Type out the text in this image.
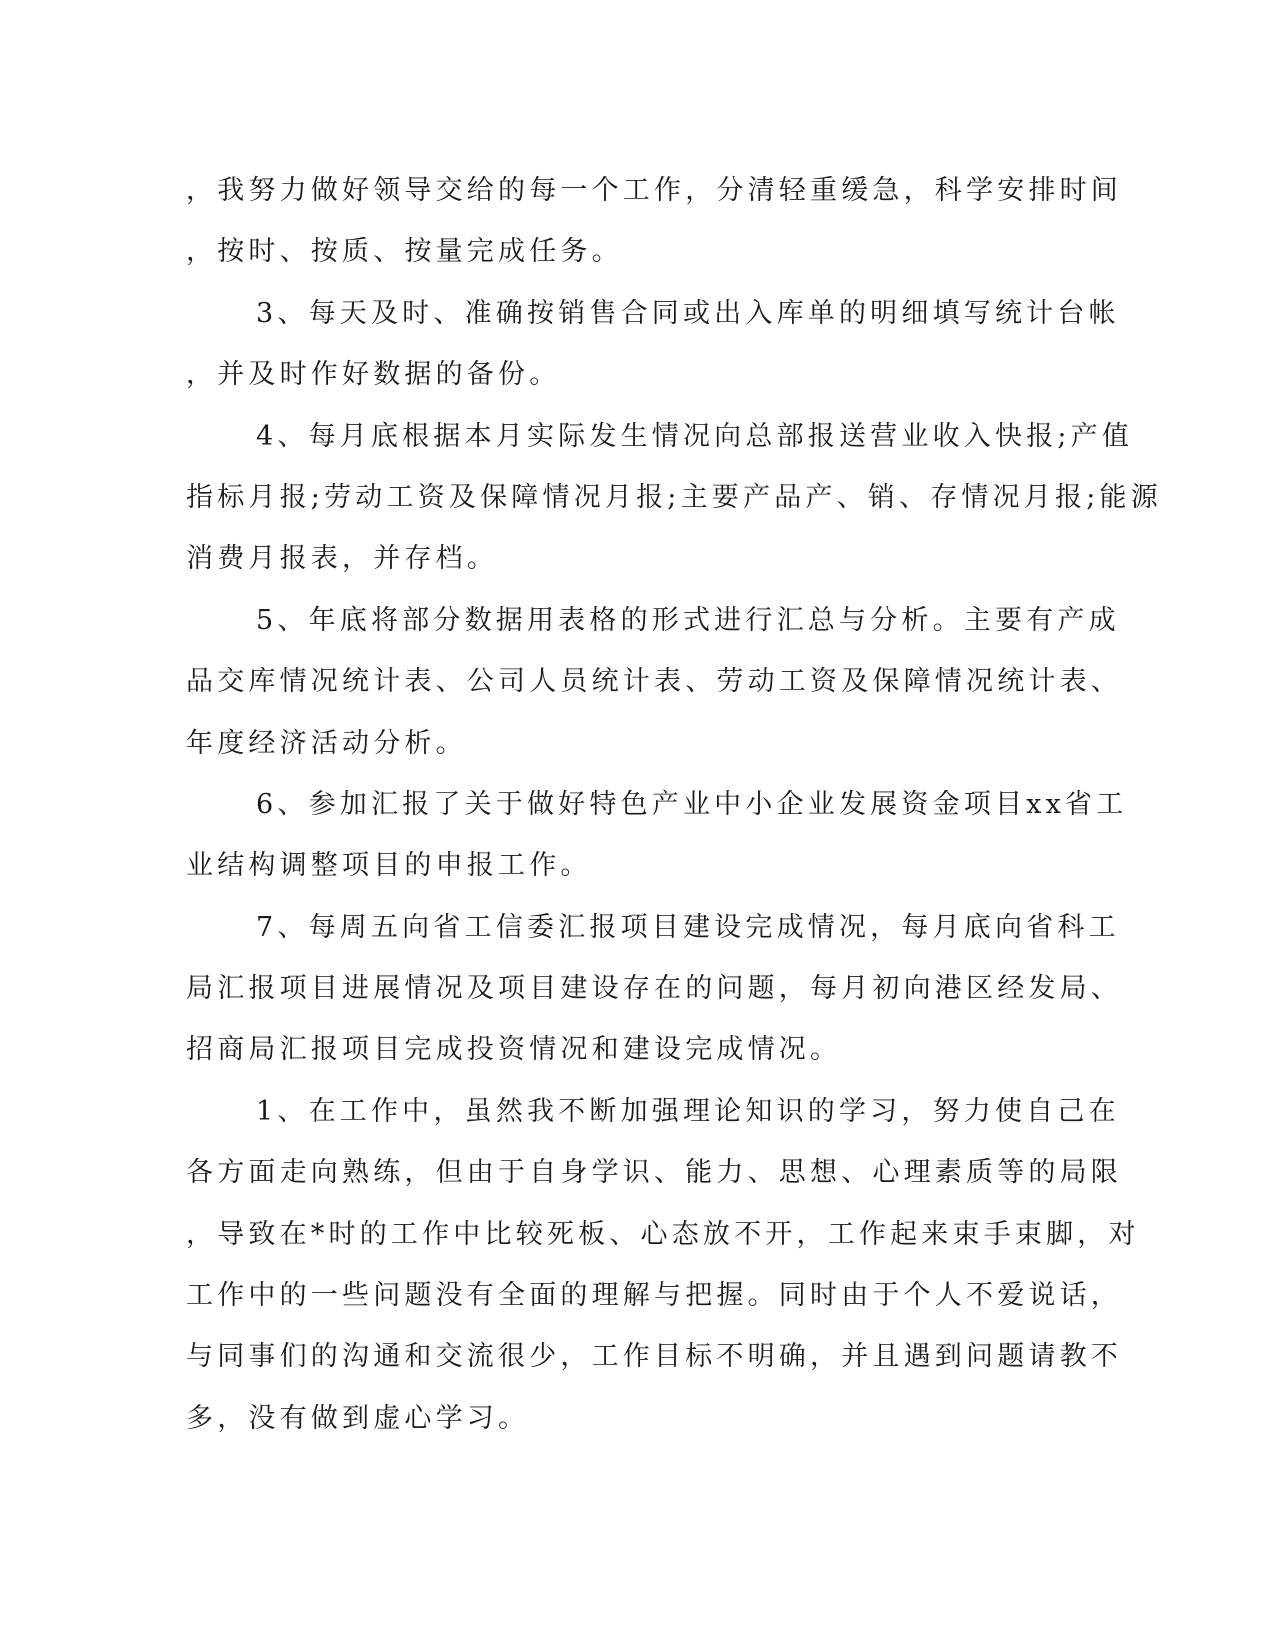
，我努力做好领导交给的每一个工作，分清轻重缓急，科学安排时间
，按时、按质、按量完成任务。
3、每天及时、准确按销售合同或出入库单的明细填写统计台帐
，并及时作好数据的备份。
4、每月底根据本月实际发生情况向总部报送营业收入快报;产值
指标月报;劳动工资及保障情况月报;主要产品产、销、存情况月报;能源
消费月报表，并存档。
5、年底将部分数据用表格的形式进行汇总与分析。主要有产成
品交库情况统计表、公司人员统计表、劳动工资及保障情况统计表、
年度经济活动分析。
6、参加汇报了关于做好特色产业中小企业发展资金项目xx省工
业结构调整项目的申报工作。
7、每周五向省工信委汇报项目建设完成情况，每月底向省科工
局汇报项目进展情况及项目建设存在的问题，每月初向港区经发局、
招商局汇报项目完成投资情况和建设完成情况。
1、在工作中，虽然我不断加强理论知识的学习，努力使自己在
各方面走向熟练，但由于自身学识、能力、思想、心理素质等的局限
，导致在*时的工作中比较死板、心态放不开，工作起来束手束脚，对
工作中的一些问题没有全面的理解与把握。同时由于个人不爱说话，
与同事们的沟通和交流很少，工作目标不明确，并且遇到问题请教不
多，没有做到虚心学习。
